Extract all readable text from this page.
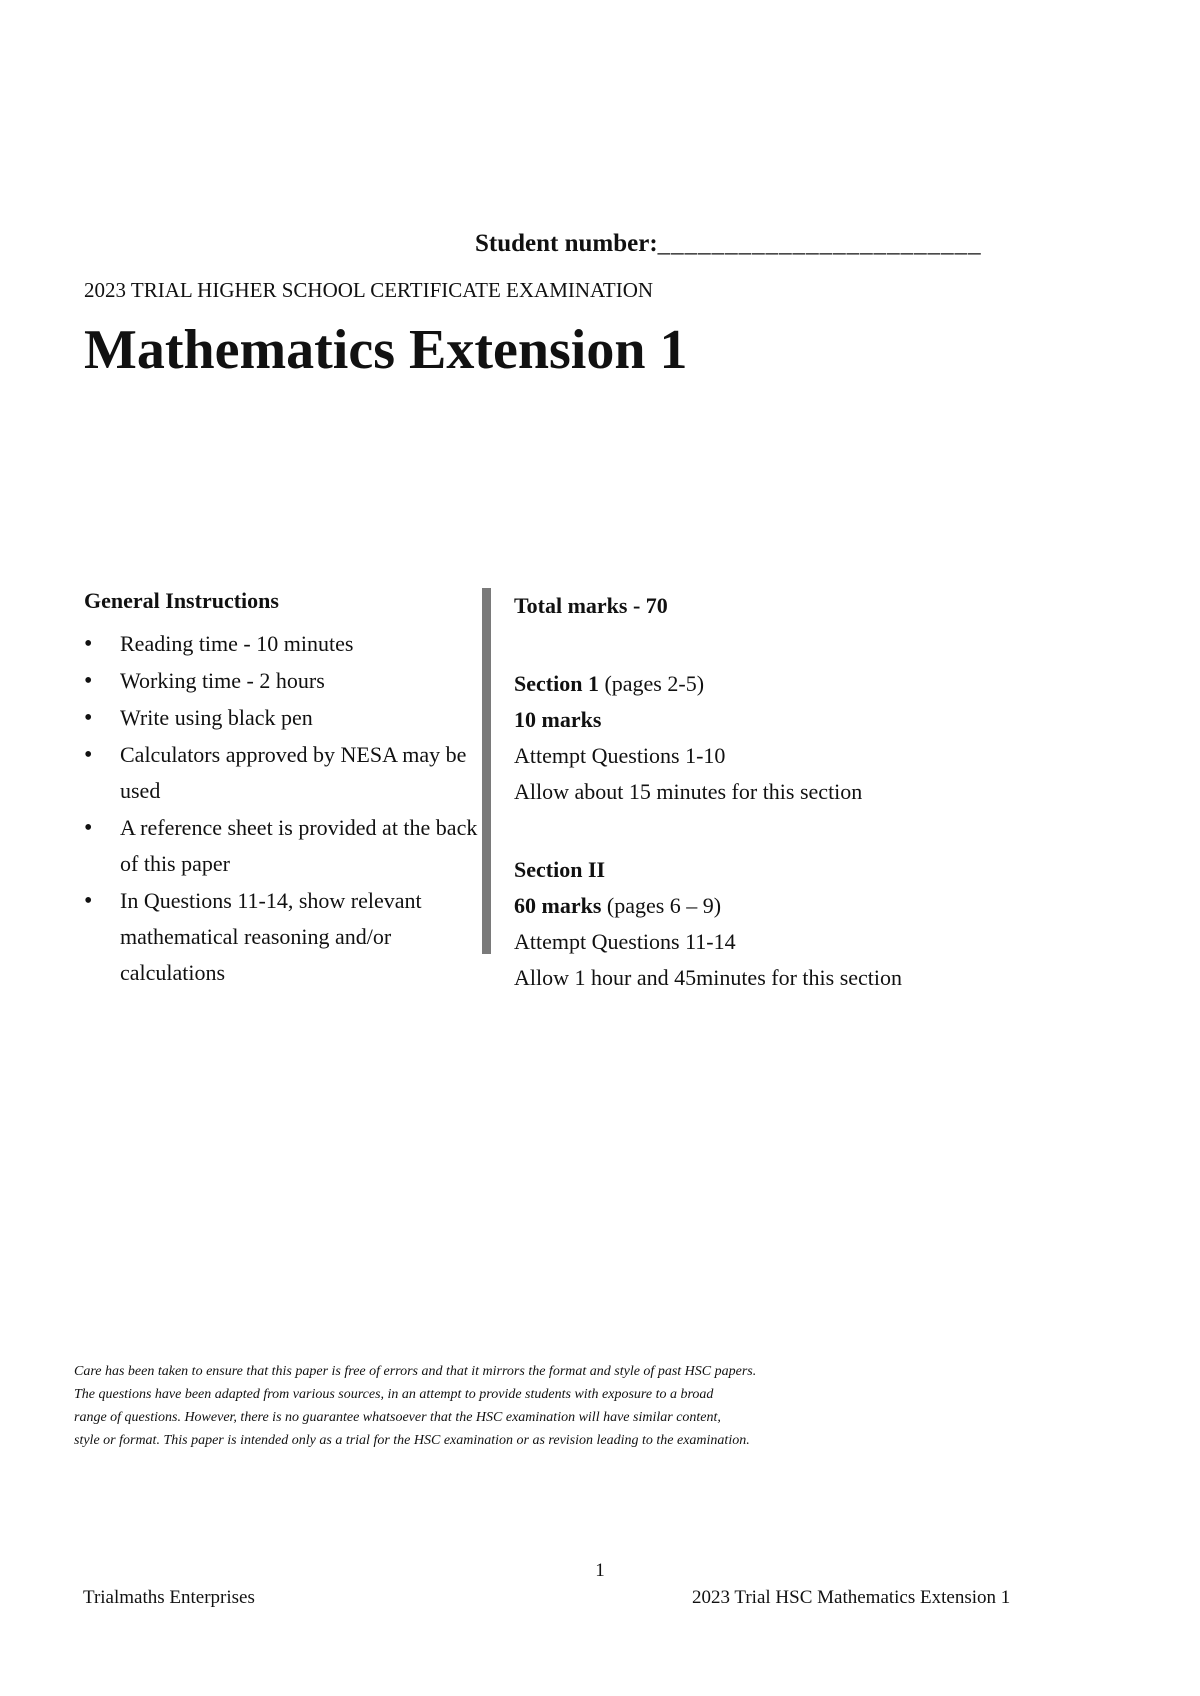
Student number:________________________
2023 TRIAL HIGHER SCHOOL CERTIFICATE EXAMINATION
Mathematics Extension 1
General Instructions
• Reading time - 10 minutes
• Working time - 2 hours
• Write using black pen
• Calculators approved by NESA may be used
• A reference sheet is provided at the back of this paper
• In Questions 11-14, show relevant mathematical reasoning and/or calculations
Total marks - 70
Section 1 (pages 2-5)
10 marks
Attempt Questions 1-10
Allow about 15 minutes for this section
Section II
60 marks (pages 6 – 9)
Attempt Questions 11-14
Allow 1 hour and 45minutes for this section
Care has been taken to ensure that this paper is free of errors and that it mirrors the format and style of past HSC papers.
The questions have been adapted from various sources, in an attempt to provide students with exposure to a broad
range of questions. However, there is no guarantee whatsoever that the HSC examination will have similar content,
style or format. This paper is intended only as a trial for the HSC examination or as revision leading to the examination.
1
Trialmaths Enterprises	2023 Trial HSC Mathematics Extension 1
